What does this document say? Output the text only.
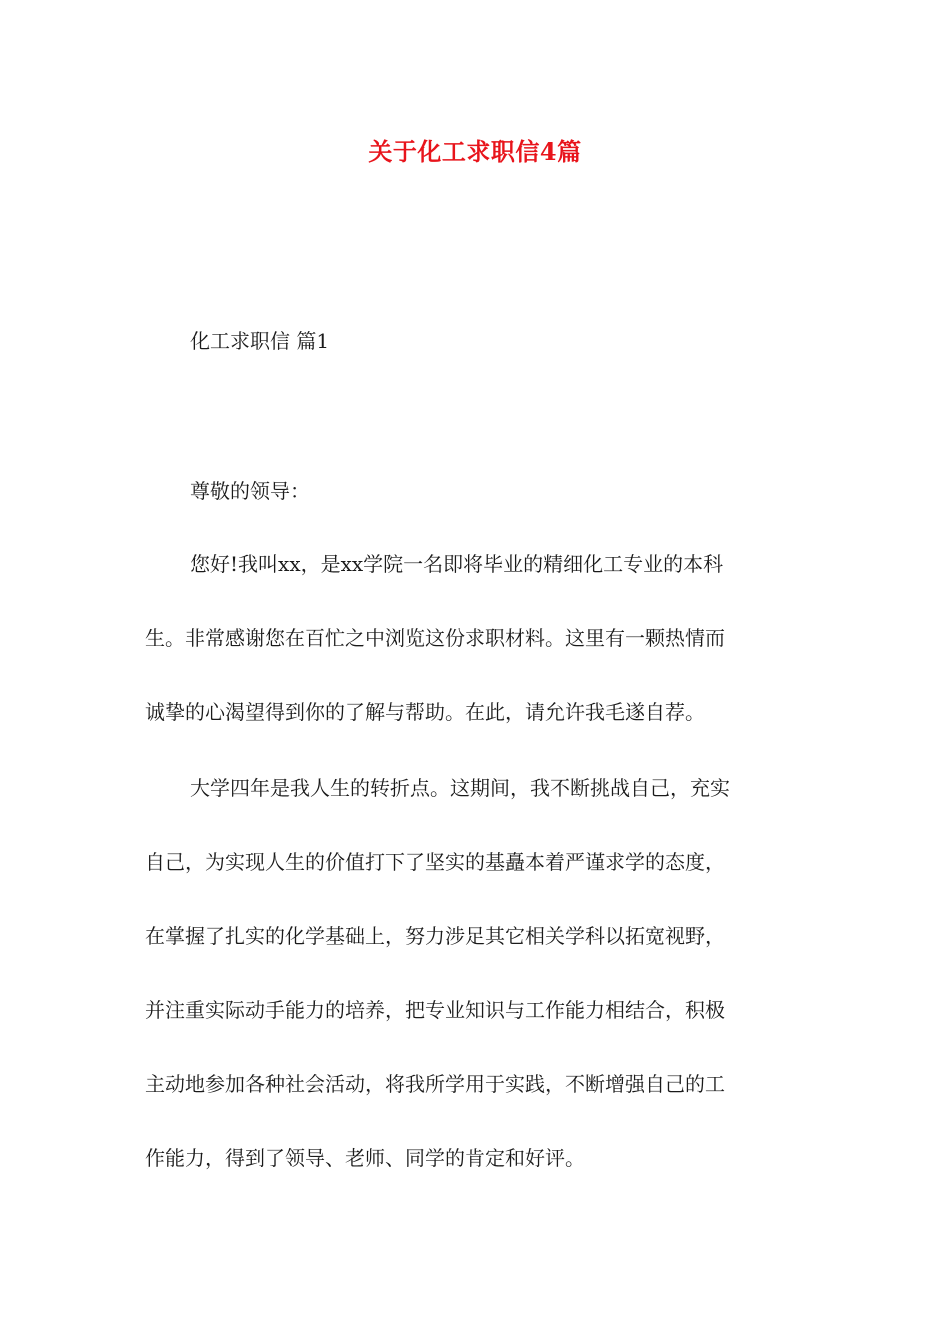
关于化工求职信4篇
化工求职信 篇1

尊敬的领导：

您好!我叫xx，是xx学院一名即将毕业的精细化工专业的本科
生。非常感谢您在百忙之中浏览这份求职材料。这里有一颗热情而
诚挚的心渴望得到你的了解与帮助。在此，请允许我毛遂自荐。
大学四年是我人生的转折点。这期间，我不断挑战自己，充实
自己，为实现人生的价值打下了坚实的基矗本着严谨求学的态度，
在掌握了扎实的化学基础上，努力涉足其它相关学科以拓宽视野，
并注重实际动手能力的培养，把专业知识与工作能力相结合，积极
主动地参加各种社会活动，将我所学用于实践，不断增强自己的工
作能力，得到了领导、老师、同学的肯定和好评。
